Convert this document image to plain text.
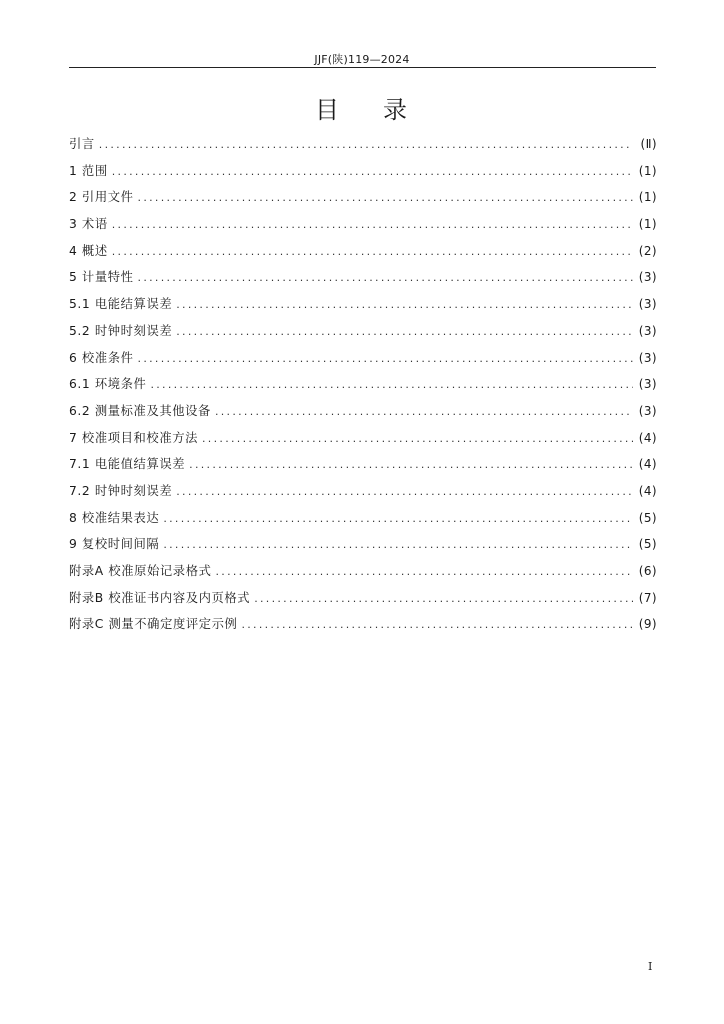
JJF(陕)119—2024
目 录
引言 . . .	(Ⅱ)
1 范围 . . .	(1)
2 引用文件 . . .	(1)
3 术语 . . .	(1)
4 概述 . . .	(2)
5 计量特性 . . .	(3)
5.1 电能结算误差 . . .	(3)
5.2 时钟时刻误差 . . .	(3)
6 校准条件 . . .	(3)
6.1 环境条件 . . .	(3)
6.2 测量标准及其他设备 . . .	(3)
7 校准项目和校准方法 . . .	(4)
7.1 电能值结算误差 . . .	(4)
7.2 时钟时刻误差 . . .	(4)
8 校准结果表达 . . .	(5)
9 复校时间间隔 . . .	(5)
附录A 校准原始记录格式 . . .	(6)
附录B 校准证书内容及内页格式 . . .	(7)
附录C 测量不确定度评定示例 . . .	(9)
Ⅰ
